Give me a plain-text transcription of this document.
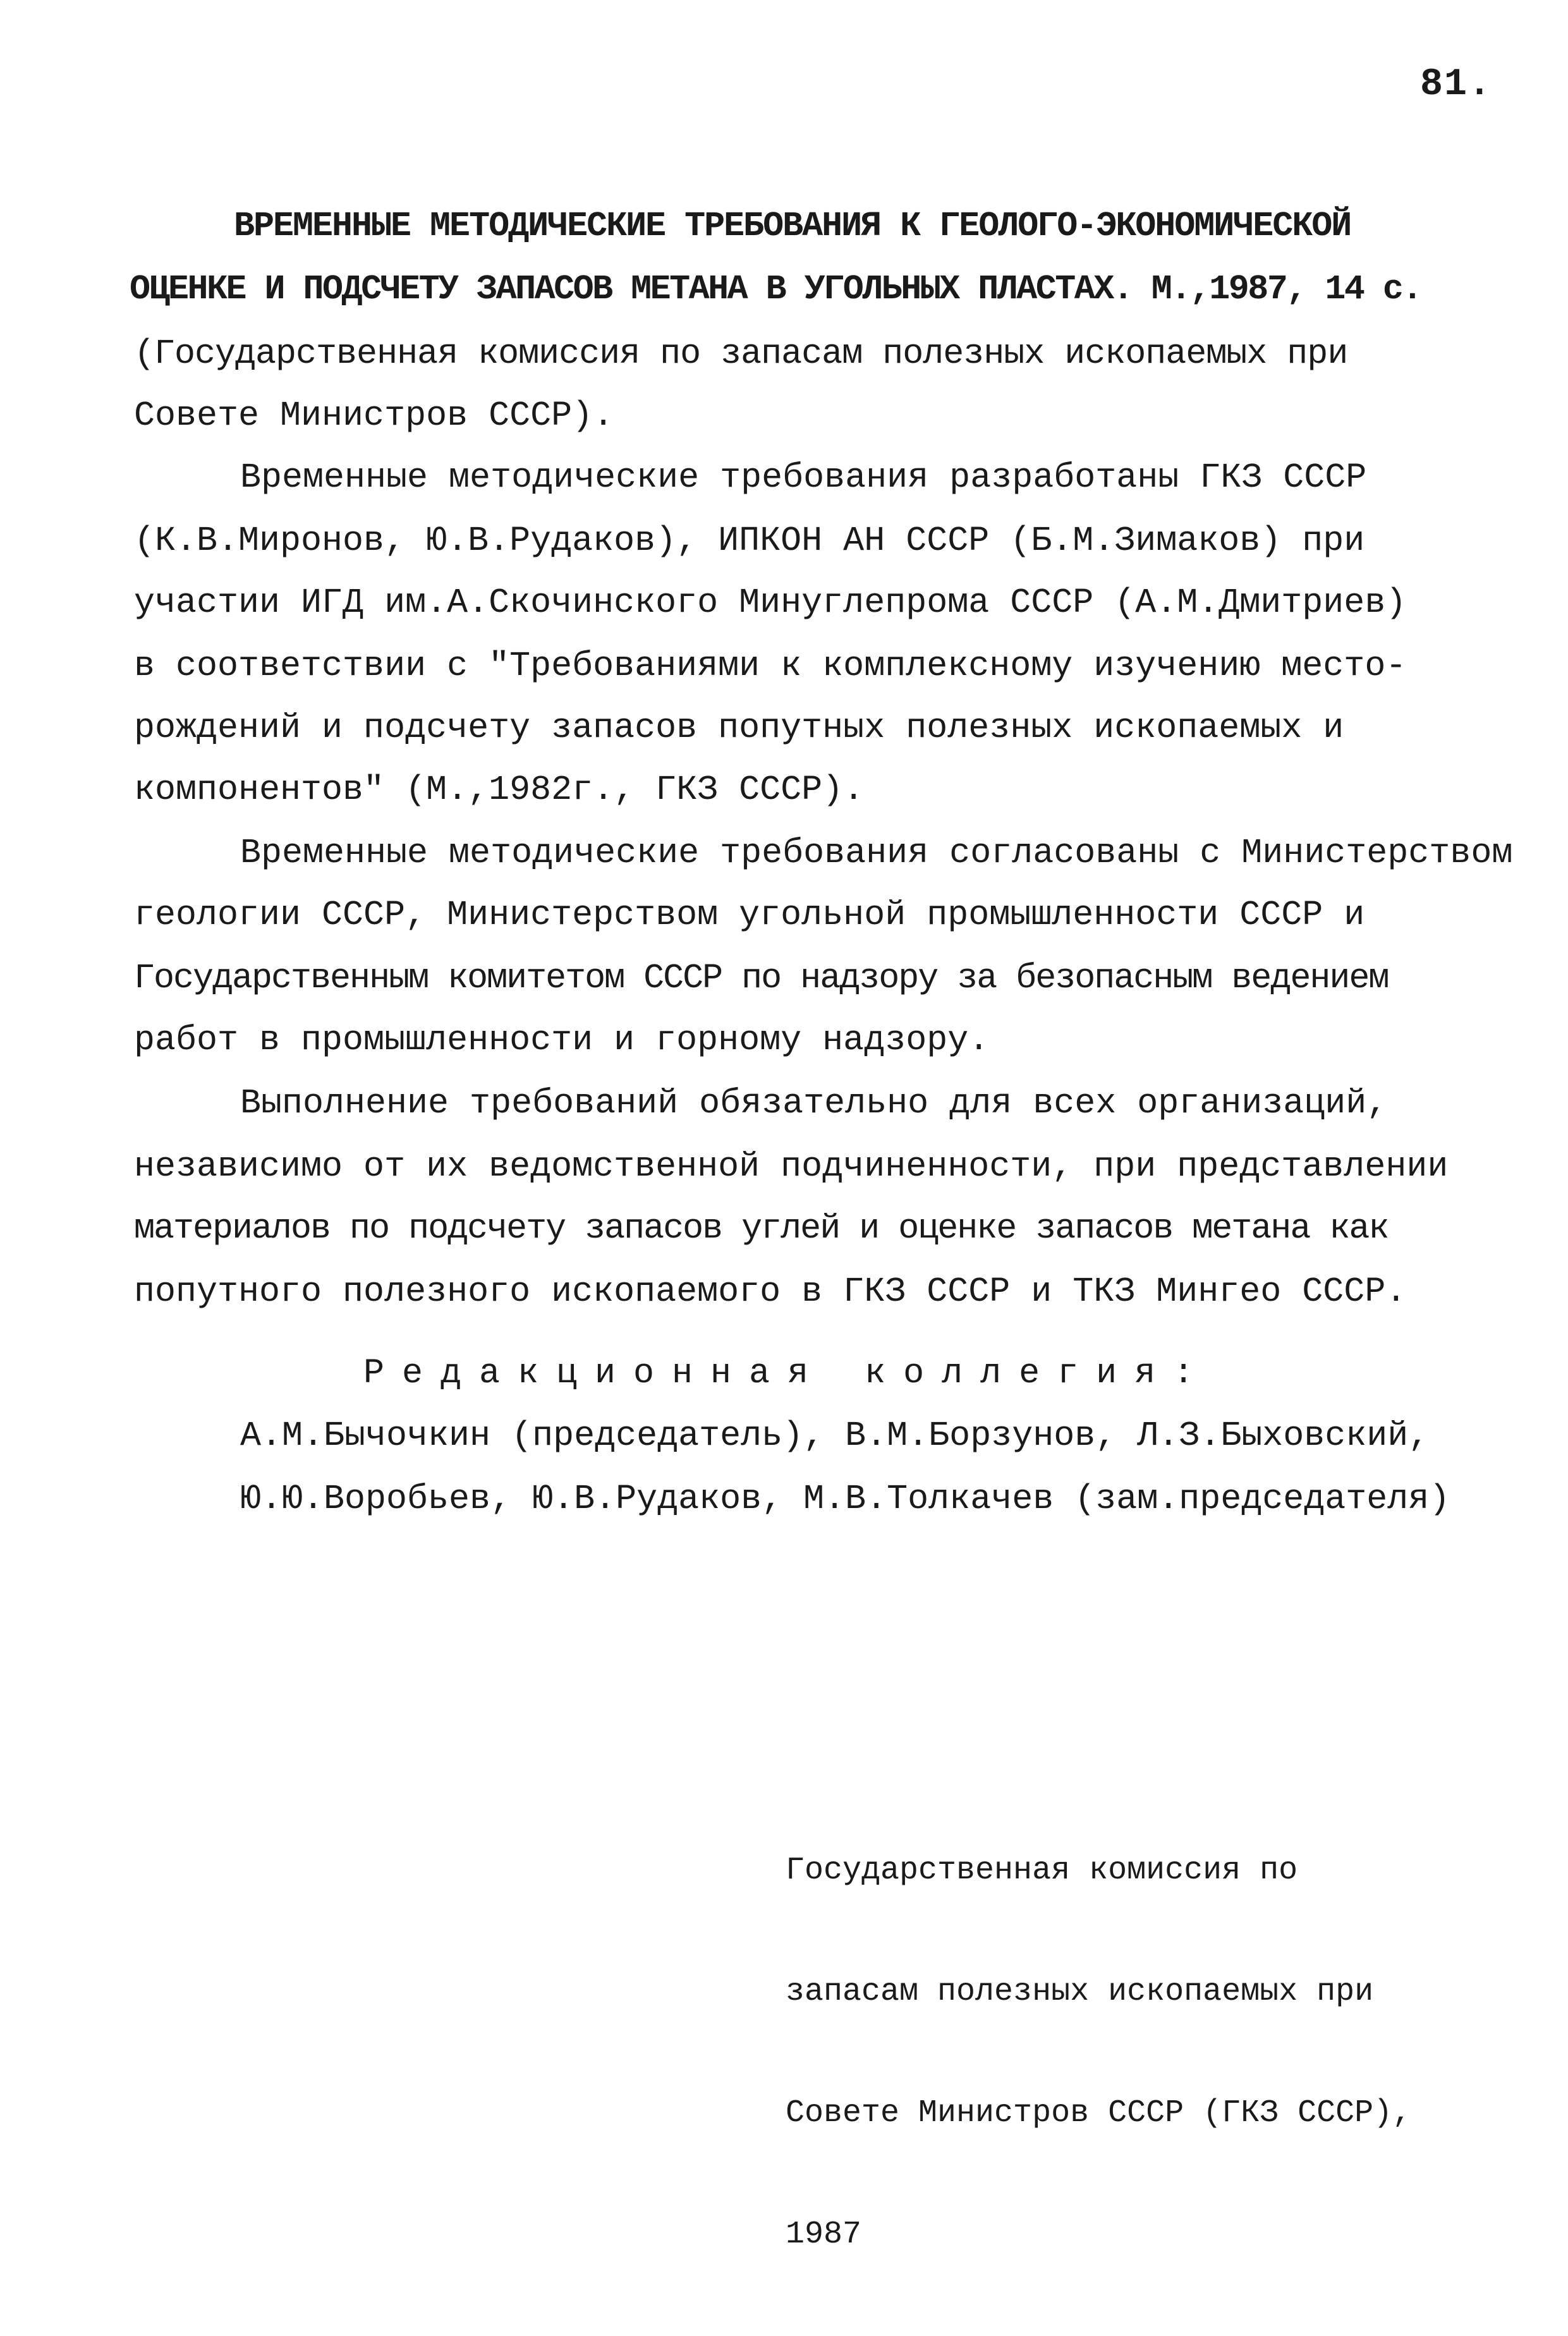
81.
ВРЕМЕННЫЕ МЕТОДИЧЕСКИЕ ТРЕБОВАНИЯ К ГЕОЛОГО-ЭКОНОМИЧЕСКОЙ
ОЦЕНКЕ И ПОДСЧЕТУ ЗАПАСОВ МЕТАНА В УГОЛЬНЫХ ПЛАСТАХ. М.,1987, 14 с.
(Государственная комиссия по запасам полезных ископаемых при
Совете Министров СССР).
Временные методические требования разработаны ГКЗ СССР
(К.В.Миронов, Ю.В.Рудаков), ИПКОН АН СССР (Б.М.Зимаков) при
участии ИГД им.А.Скочинского Минуглепрома СССР (А.М.Дмитриев)
в соответствии с "Требованиями к комплексному изучению место-
рождений и подсчету запасов попутных полезных ископаемых и
компонентов" (М.,1982г., ГКЗ СССР).
Временные методические требования согласованы с Министерством
геологии СССР, Министерством угольной промышленности СССР и
Государственным комитетом СССР по надзору за безопасным ведением
работ в промышленности и горному надзору.
Выполнение требований обязательно для всех организаций,
независимо от их ведомственной подчиненности, при представлении
материалов по подсчету запасов углей и оценке запасов метана как
попутного полезного ископаемого в ГКЗ СССР и ТКЗ Мингео СССР.
Редакционная коллегия:
А.М.Бычочкин (председатель), В.М.Борзунов, Л.З.Быховский,
Ю.Ю.Воробьев, Ю.В.Рудаков, М.В.Толкачев (зам.председателя)

Государственная комиссия по

запасам полезных ископаемых при

Совете Министров СССР (ГКЗ СССР),

1987
